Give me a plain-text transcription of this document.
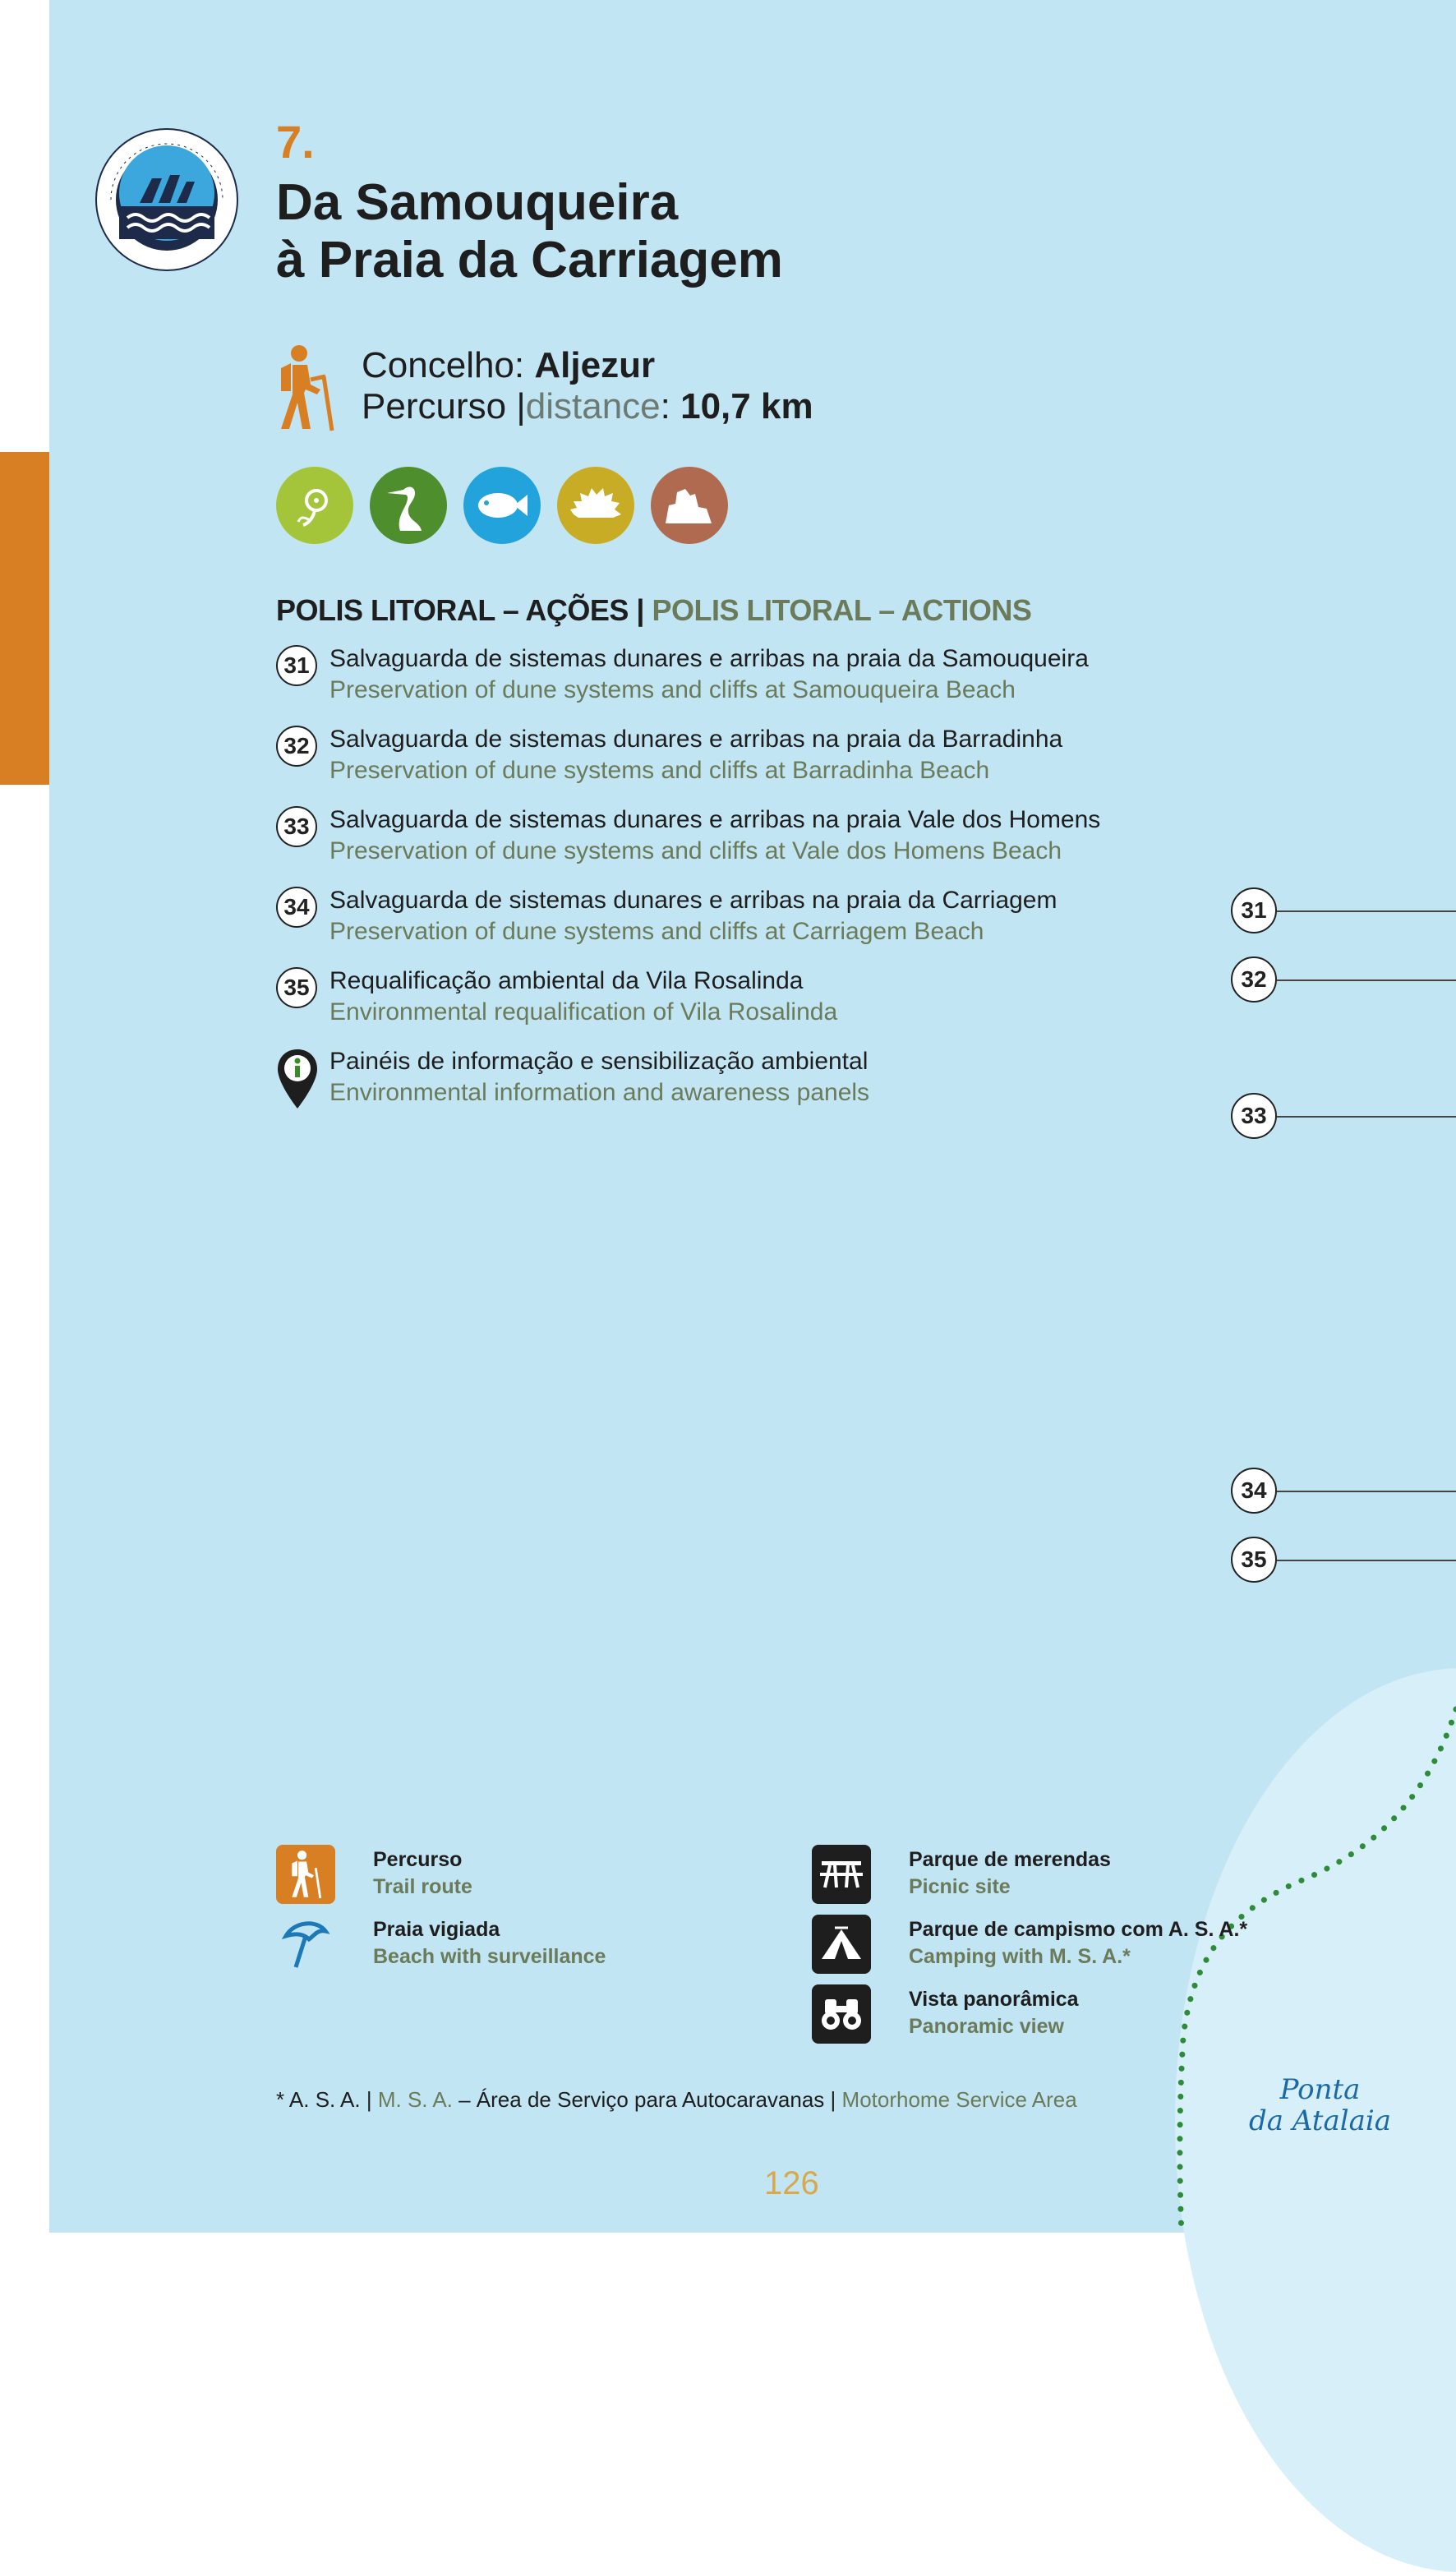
7.
Da Samouqueira
à Praia da Carriagem
Concelho: Aljezur
Percurso |distance: 10,7 km
POLIS LITORAL – AÇÕES | POLIS LITORAL – ACTIONS
31 Salvaguarda de sistemas dunares e arribas na praia da Samouqueira
Preservation of dune systems and cliffs at Samouqueira Beach
32 Salvaguarda de sistemas dunares e arribas na praia da Barradinha
Preservation of dune systems and cliffs at Barradinha Beach
33 Salvaguarda de sistemas dunares e arribas na praia Vale dos Homens
Preservation of dune systems and cliffs at Vale dos Homens Beach
34 Salvaguarda de sistemas dunares e arribas na praia da Carriagem
Preservation of dune systems and cliffs at Carriagem Beach
35 Requalificação ambiental da Vila Rosalinda
Environmental requalification of Vila Rosalinda
Painéis de informação e sensibilização ambiental
Environmental information and awareness panels
31
32
33
34
35
Percurso
Trail route
Praia vigiada
Beach with surveillance
Parque de merendas
Picnic site
Parque de campismo com A. S. A.*
Camping with M. S. A.*
Vista panorâmica
Panoramic view
* A. S. A. | M. S. A. – Área de Serviço para Autocaravanas | Motorhome Service Area	Ponta
da Atalaia
126
